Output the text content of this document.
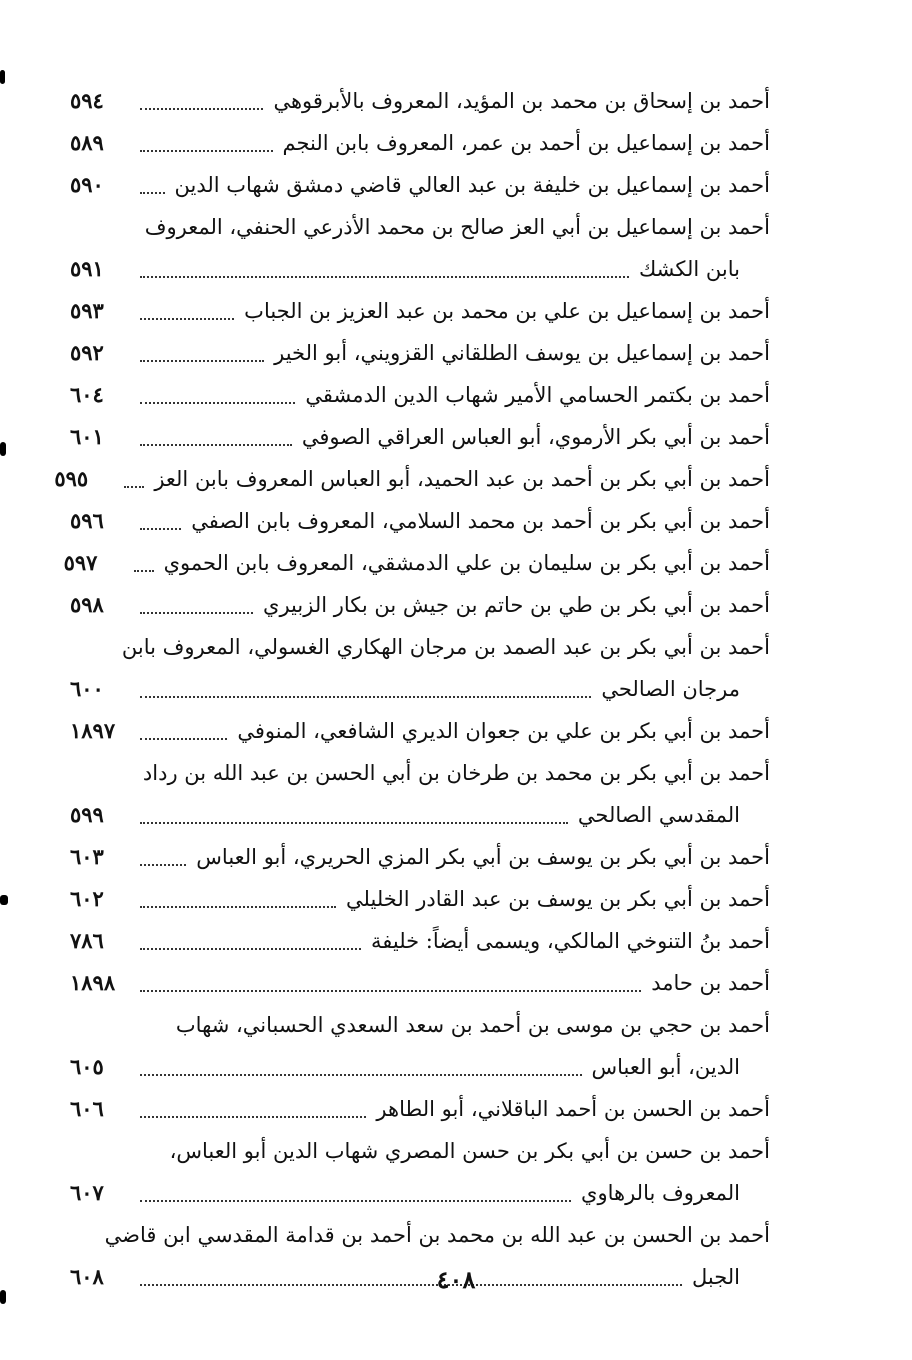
أحمد بن إسحاق بن محمد بن المؤيد، المعروف بالأبرقوهي
٥٩٤
أحمد بن إسماعيل بن أحمد بن عمر، المعروف بابن النجم
٥٨٩
أحمد بن إسماعيل بن خليفة بن عبد العالي قاضي دمشق شهاب الدين
٥٩٠
أحمد بن إسماعيل بن أبي العز صالح بن محمد الأذرعي الحنفي، المعروف
بابن الكشك
٥٩١
أحمد بن إسماعيل بن علي بن محمد بن عبد العزيز بن الجباب
٥٩٣
أحمد بن إسماعيل بن يوسف الطلقاني القزويني، أبو الخير
٥٩٢
أحمد بن بكتمر الحسامي الأمير شهاب الدين الدمشقي
٦٠٤
أحمد بن أبي بكر الأرموي، أبو العباس العراقي الصوفي
٦٠١
أحمد بن أبي بكر بن أحمد بن عبد الحميد، أبو العباس المعروف بابن العز
٥٩٥
أحمد بن أبي بكر بن أحمد بن محمد السلامي، المعروف بابن الصفي
٥٩٦
أحمد بن أبي بكر بن سليمان بن علي الدمشقي، المعروف بابن الحموي
٥٩٧
أحمد بن أبي بكر بن طي بن حاتم بن جيش بن بكار الزبيري
٥٩٨
أحمد بن أبي بكر بن عبد الصمد بن مرجان الهكاري الغسولي، المعروف بابن
مرجان الصالحي
٦٠٠
أحمد بن أبي بكر بن علي بن جعوان الديري الشافعي، المنوفي
١٨٩٧
أحمد بن أبي بكر بن محمد بن طرخان بن أبي الحسن بن عبد الله بن رداد
المقدسي الصالحي
٥٩٩
أحمد بن أبي بكر بن يوسف بن أبي بكر المزي الحريري، أبو العباس
٦٠٣
أحمد بن أبي بكر بن يوسف بن عبد القادر الخليلي
٦٠٢
أحمد بنُ التنوخي المالكي، ويسمى أيضاً: خليفة
٧٨٦
أحمد بن حامد
١٨٩٨
أحمد بن حجي بن موسى بن أحمد بن سعد السعدي الحسباني، شهاب
الدين، أبو العباس
٦٠٥
أحمد بن الحسن بن أحمد الباقلاني، أبو الطاهر
٦٠٦
أحمد بن حسن بن أبي بكر بن حسن المصري شهاب الدين أبو العباس،
المعروف بالرهاوي
٦٠٧
أحمد بن الحسن بن عبد الله بن محمد بن أحمد بن قدامة المقدسي ابن قاضي
الجبل
٦٠٨	٤٠٨
